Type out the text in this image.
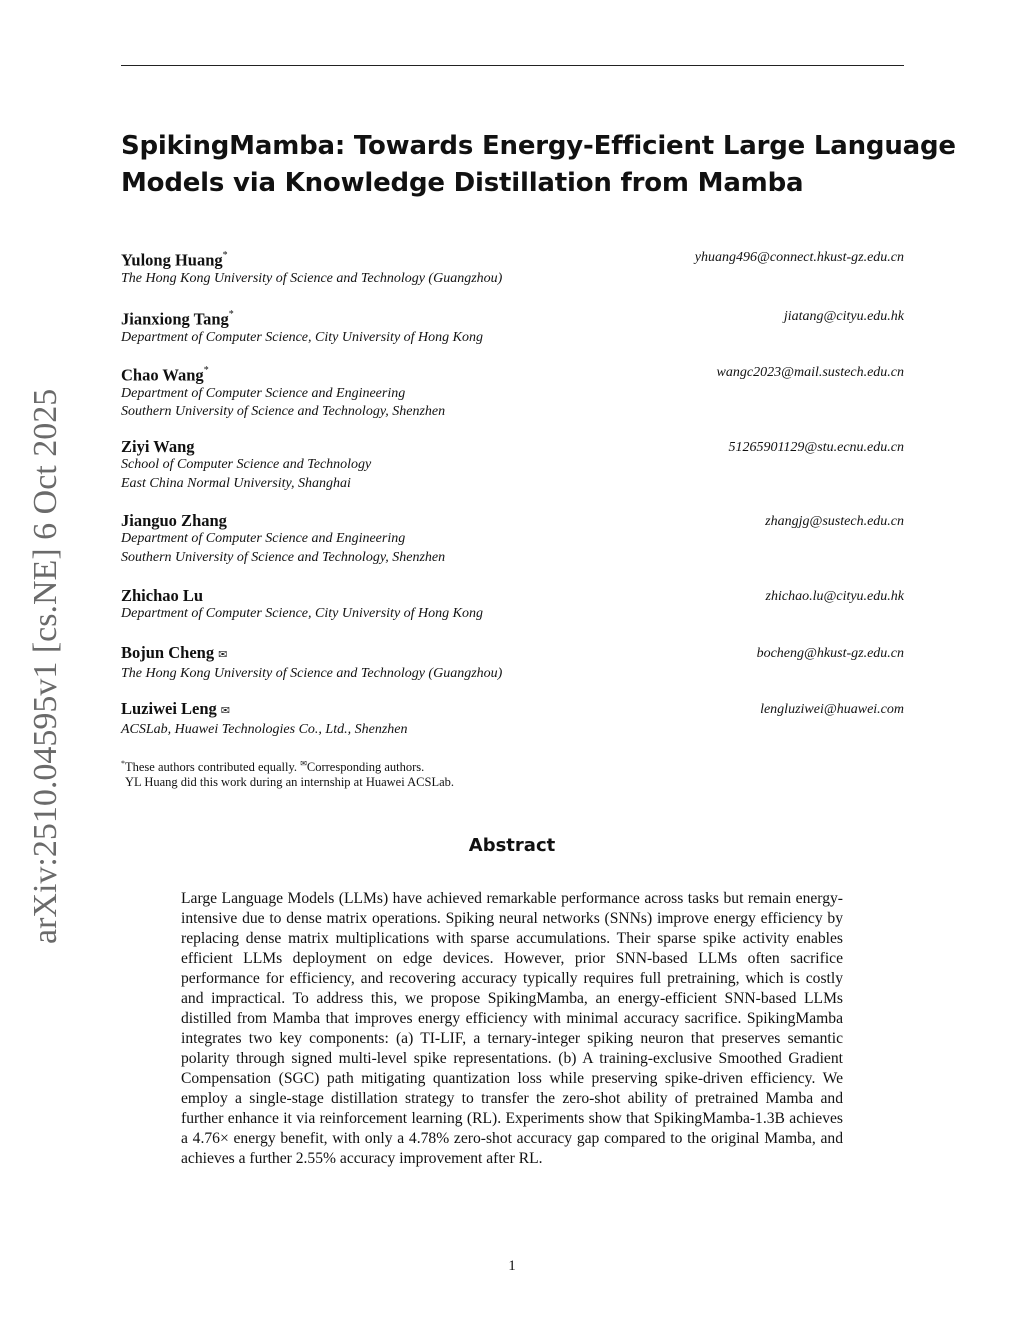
SpikingMamba: Towards Energy-Efficient Large Language
Models via Knowledge Distillation from Mamba
Yulong Huang*	yhuang496@connect.hkust-gz.edu.cn
The Hong Kong University of Science and Technology (Guangzhou)
Jianxiong Tang*	jiatang@cityu.edu.hk
Department of Computer Science, City University of Hong Kong
Chao Wang*	wangc2023@mail.sustech.edu.cn
Department of Computer Science and Engineering
Southern University of Science and Technology, Shenzhen
Ziyi Wang	51265901129@stu.ecnu.edu.cn
School of Computer Science and Technology
East China Normal University, Shanghai
Jianguo Zhang	zhangjg@sustech.edu.cn
Department of Computer Science and Engineering
Southern University of Science and Technology, Shenzhen
Zhichao Lu	zhichao.lu@cityu.edu.hk
Department of Computer Science, City University of Hong Kong
Bojun Cheng ✉	bocheng@hkust-gz.edu.cn
The Hong Kong University of Science and Technology (Guangzhou)
Luziwei Leng ✉	lengluziwei@huawei.com
ACSLab, Huawei Technologies Co., Ltd., Shenzhen
*These authors contributed equally. ✉Corresponding authors.
YL Huang did this work during an internship at Huawei ACSLab.
Abstract

Large Language Models (LLMs) have achieved remarkable performance across tasks but remain energy-intensive due to dense matrix operations. Spiking neural networks (SNNs) improve energy efficiency by replacing dense matrix multiplications with sparse accumulations. Their sparse spike activity enables efficient LLMs deployment on edge devices. However, prior SNN-based LLMs often sacrifice performance for efficiency, and recovering accuracy typically requires full pretraining, which is costly and impractical. To address this, we propose SpikingMamba, an energy-efficient SNN-based LLMs distilled from Mamba that improves energy efficiency with minimal accuracy sacrifice. SpikingMamba integrates two key components: (a) TI-LIF, a ternary-integer spiking neuron that preserves semantic polarity through signed multi-level spike representations. (b) A training-exclusive Smoothed Gradient Compensation (SGC) path mitigating quantization loss while preserving spike-driven efficiency. We employ a single-stage distillation strategy to transfer the zero-shot ability of pretrained Mamba and further enhance it via reinforcement learning (RL). Experiments show that SpikingMamba-1.3B achieves a 4.76× energy benefit, with only a 4.78% zero-shot accuracy gap compared to the original Mamba, and achieves a further 2.55% accuracy improvement after RL.

arXiv:2510.04595v1 [cs.NE] 6 Oct 2025
1
